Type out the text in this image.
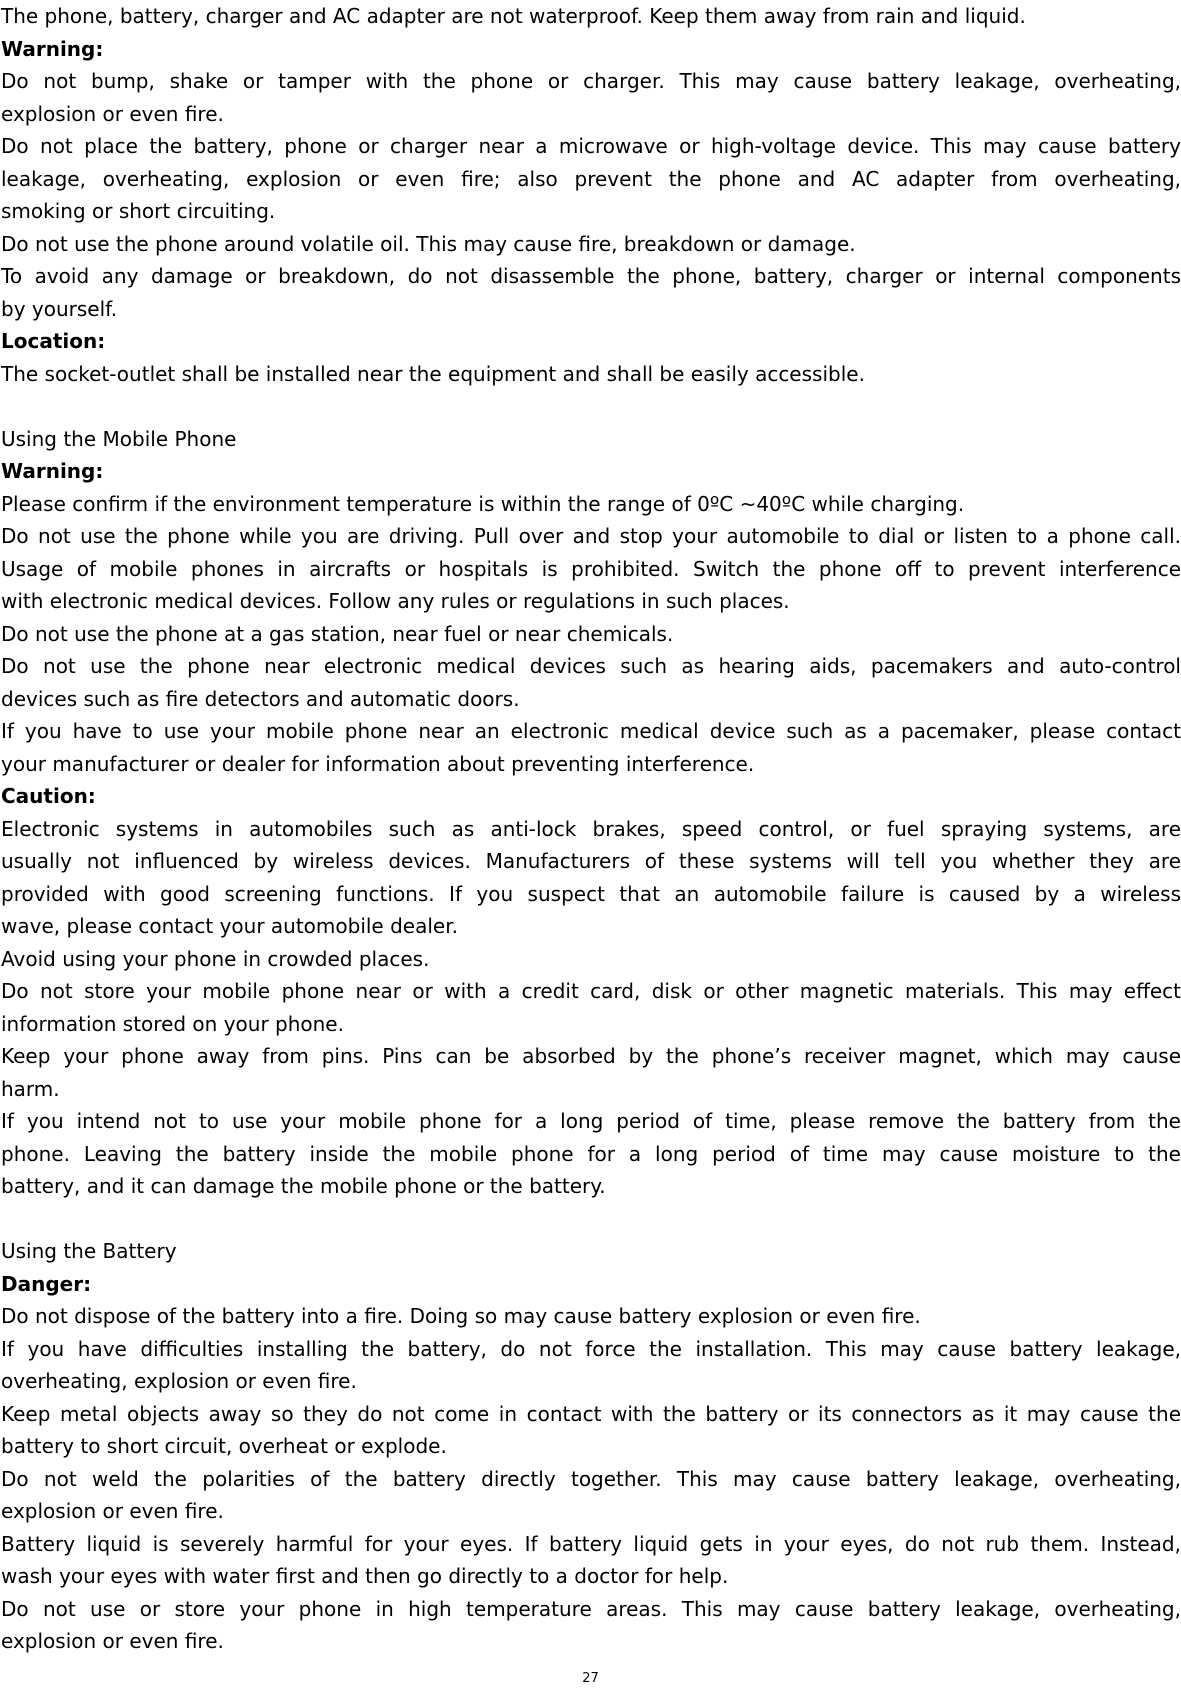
The phone, battery, charger and AC adapter are not waterproof. Keep them away from rain and liquid.
Warning:
Do not bump, shake or tamper with the phone or charger. This may cause battery leakage, overheating,
explosion or even fire.
Do not place the battery, phone or charger near a microwave or high-voltage device. This may cause battery
leakage, overheating, explosion or even fire; also prevent the phone and AC adapter from overheating,
smoking or short circuiting.
Do not use the phone around volatile oil. This may cause fire, breakdown or damage.
To avoid any damage or breakdown, do not disassemble the phone, battery, charger or internal components
by yourself.
Location:
The socket-outlet shall be installed near the equipment and shall be easily accessible.
Using the Mobile Phone
Warning:
Please confirm if the environment temperature is within the range of 0ºC ~40ºC while charging.
Do not use the phone while you are driving. Pull over and stop your automobile to dial or listen to a phone call.
Usage of mobile phones in aircrafts or hospitals is prohibited. Switch the phone off to prevent interference
with electronic medical devices. Follow any rules or regulations in such places.
Do not use the phone at a gas station, near fuel or near chemicals.
Do not use the phone near electronic medical devices such as hearing aids, pacemakers and auto-control
devices such as fire detectors and automatic doors.
If you have to use your mobile phone near an electronic medical device such as a pacemaker, please contact
your manufacturer or dealer for information about preventing interference.
Caution:
Electronic systems in automobiles such as anti-lock brakes, speed control, or fuel spraying systems, are
usually not influenced by wireless devices. Manufacturers of these systems will tell you whether they are
provided with good screening functions. If you suspect that an automobile failure is caused by a wireless
wave, please contact your automobile dealer.
Avoid using your phone in crowded places.
Do not store your mobile phone near or with a credit card, disk or other magnetic materials. This may effect
information stored on your phone.
Keep your phone away from pins. Pins can be absorbed by the phone’s receiver magnet, which may cause
harm.
If you intend not to use your mobile phone for a long period of time, please remove the battery from the
phone. Leaving the battery inside the mobile phone for a long period of time may cause moisture to the
battery, and it can damage the mobile phone or the battery.
Using the Battery
Danger:
Do not dispose of the battery into a fire. Doing so may cause battery explosion or even fire.
If you have difficulties installing the battery, do not force the installation. This may cause battery leakage,
overheating, explosion or even fire.
Keep metal objects away so they do not come in contact with the battery or its connectors as it may cause the
battery to short circuit, overheat or explode.
Do not weld the polarities of the battery directly together. This may cause battery leakage, overheating,
explosion or even fire.
Battery liquid is severely harmful for your eyes. If battery liquid gets in your eyes, do not rub them. Instead,
wash your eyes with water first and then go directly to a doctor for help.
Do not use or store your phone in high temperature areas. This may cause battery leakage, overheating,
explosion or even fire.
27
